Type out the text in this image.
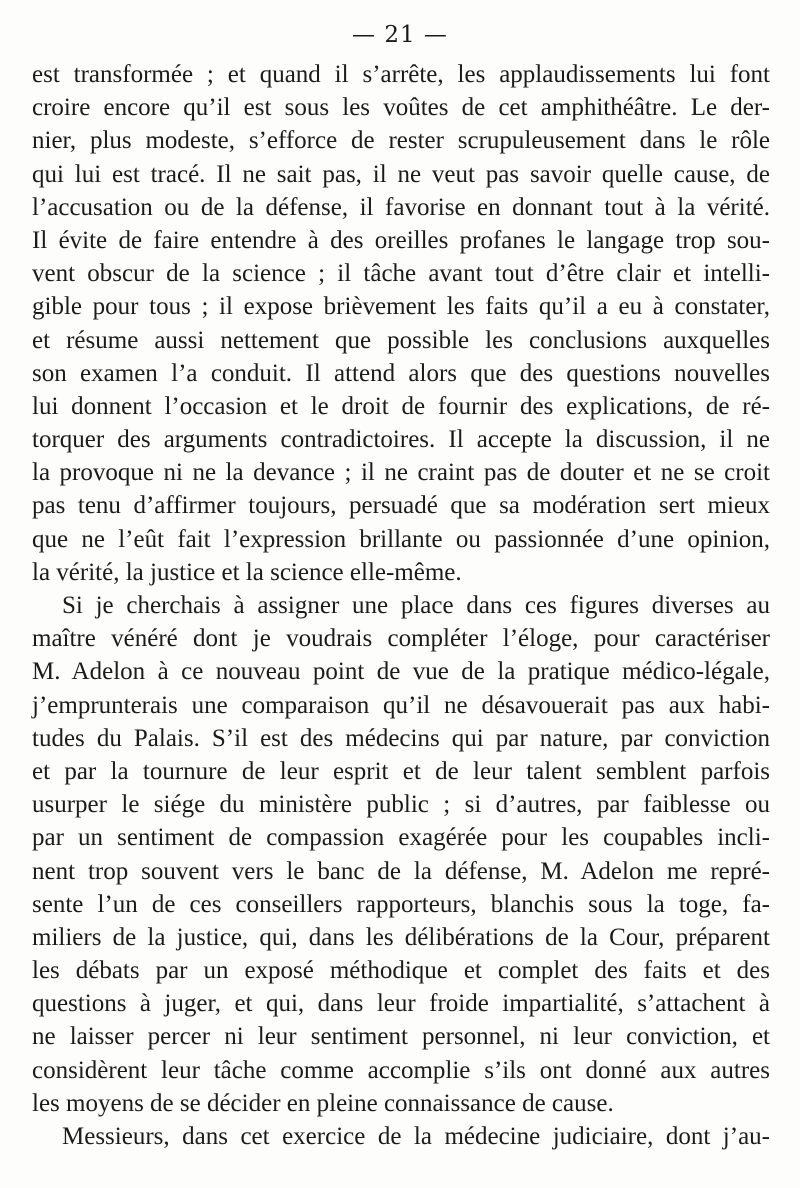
— 21 —
est transformée ; et quand il s’arrête, les applaudissements lui font
croire encore qu’il est sous les voûtes de cet amphithéâtre. Le der-
nier, plus modeste, s’efforce de rester scrupuleusement dans le rôle
qui lui est tracé. Il ne sait pas, il ne veut pas savoir quelle cause, de
l’accusation ou de la défense, il favorise en donnant tout à la vérité.
Il évite de faire entendre à des oreilles profanes le langage trop sou-
vent obscur de la science ; il tâche avant tout d’être clair et intelli-
gible pour tous ; il expose brièvement les faits qu’il a eu à constater,
et résume aussi nettement que possible les conclusions auxquelles
son examen l’a conduit. Il attend alors que des questions nouvelles
lui donnent l’occasion et le droit de fournir des explications, de ré-
torquer des arguments contradictoires. Il accepte la discussion, il ne
la provoque ni ne la devance ; il ne craint pas de douter et ne se croit
pas tenu d’affirmer toujours, persuadé que sa modération sert mieux
que ne l’eût fait l’expression brillante ou passionnée d’une opinion,
la vérité, la justice et la science elle-même.
Si je cherchais à assigner une place dans ces figures diverses au
maître vénéré dont je voudrais compléter l’éloge, pour caractériser
M. Adelon à ce nouveau point de vue de la pratique médico-légale,
j’emprunterais une comparaison qu’il ne désavouerait pas aux habi-
tudes du Palais. S’il est des médecins qui par nature, par conviction
et par la tournure de leur esprit et de leur talent semblent parfois
usurper le siége du ministère public ; si d’autres, par faiblesse ou
par un sentiment de compassion exagérée pour les coupables incli-
nent trop souvent vers le banc de la défense, M. Adelon me repré-
sente l’un de ces conseillers rapporteurs, blanchis sous la toge, fa-
miliers de la justice, qui, dans les délibérations de la Cour, préparent
les débats par un exposé méthodique et complet des faits et des
questions à juger, et qui, dans leur froide impartialité, s’attachent à
ne laisser percer ni leur sentiment personnel, ni leur conviction, et
considèrent leur tâche comme accomplie s’ils ont donné aux autres
les moyens de se décider en pleine connaissance de cause.
Messieurs, dans cet exercice de la médecine judiciaire, dont j’au-
